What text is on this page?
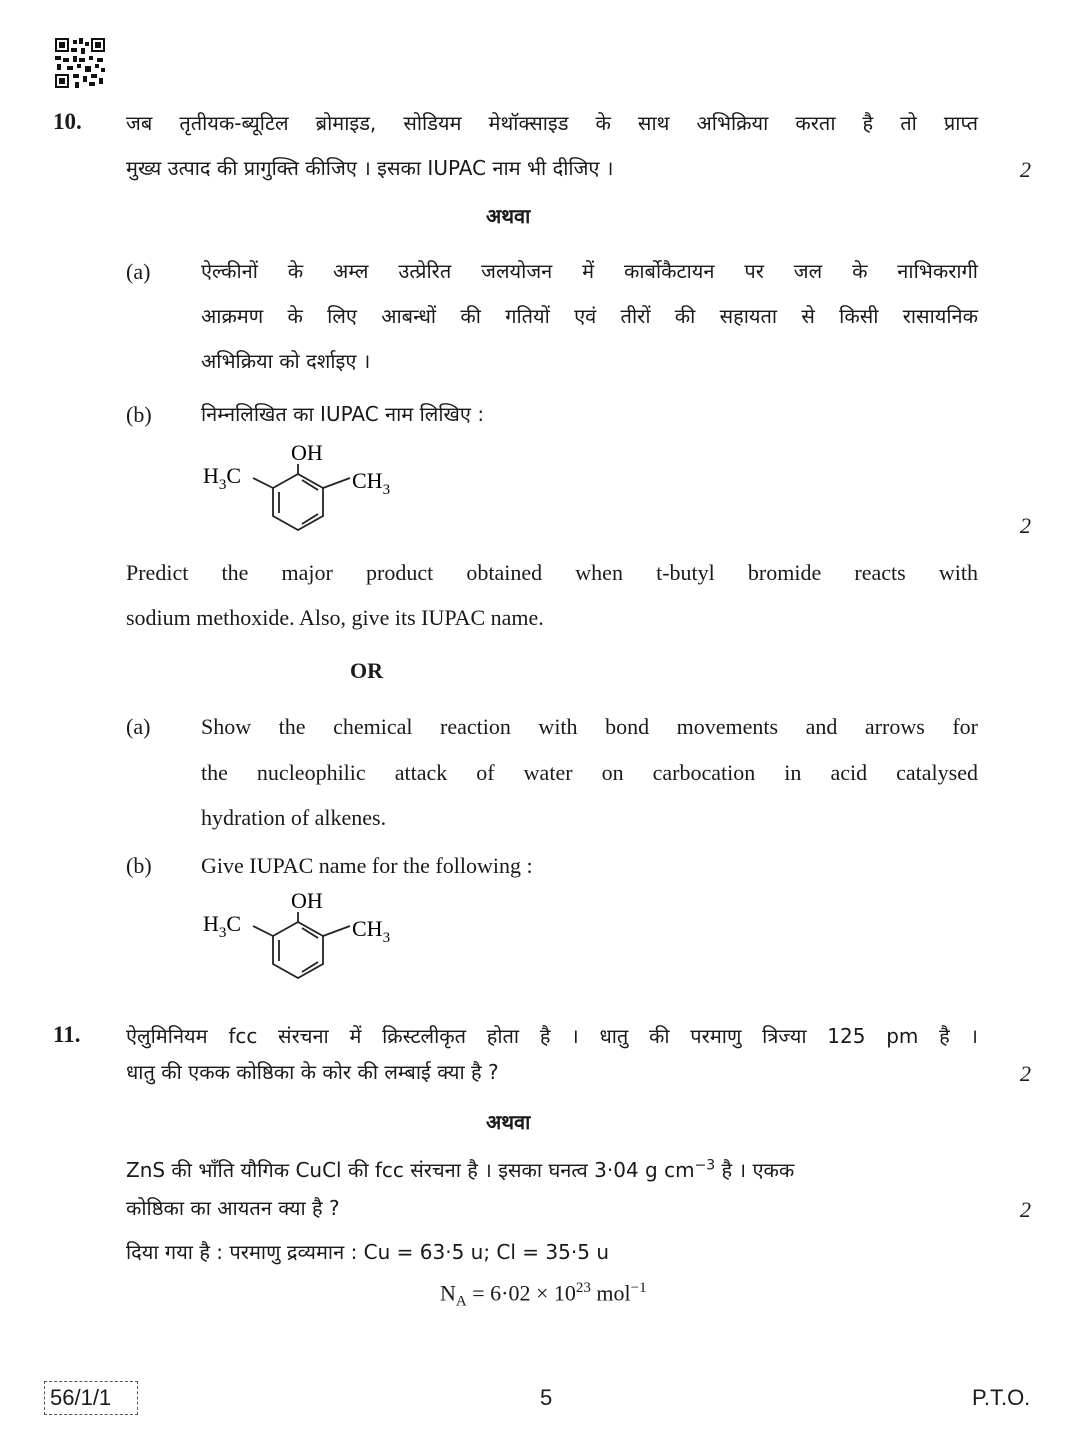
10. जब तृतीयक-ब्यूटिल ब्रोमाइड, सोडियम मेथॉक्साइड के साथ अभिक्रिया करता है तो प्राप्त
मुख्य उत्पाद की प्रागुक्ति कीजिए । इसका IUPAC नाम भी दीजिए ।	2
अथवा
(a)	ऐल्कीनों के अम्ल उत्प्रेरित जलयोजन में कार्बोकैटायन पर जल के नाभिकरागी
आक्रमण के लिए आबन्धों की गतियों एवं तीरों की सहायता से किसी रासायनिक
अभिक्रिया को दर्शाइए ।
(b) निम्नलिखित का IUPAC नाम लिखिए :
OH
$H_3C$	$CH_3$
2
Predict the major product obtained when t-butyl bromide reacts with
sodium methoxide. Also, give its IUPAC name.
OR
(a) Show the chemical reaction with bond movements and arrows for
the nucleophilic attack of water on carbocation in acid catalysed
hydration of alkenes.
(b) Give IUPAC name for the following :
OH
$H_3C$	$CH_3$
11. ऐलुमिनियम fcc संरचना में क्रिस्टलीकृत होता है । धातु की परमाणु त्रिज्या 125 pm है ।
धातु की एकक कोष्ठिका के कोर की लम्बाई क्या है ?	2
अथवा
ZnS की भाँति यौगिक CuCl की fcc संरचना है । इसका घनत्व 3·04 g $cm^{-3}$ है । एकक
कोष्ठिका का आयतन क्या है ?	2
दिया गया है : परमाणु द्रव्यमान : Cu = 63·5 u; Cl = 35·5 u
$N_A = 6\cdot 02 \times 10^{23}$ mol$^{-1}$
56/1/1	5	P.T.O.
